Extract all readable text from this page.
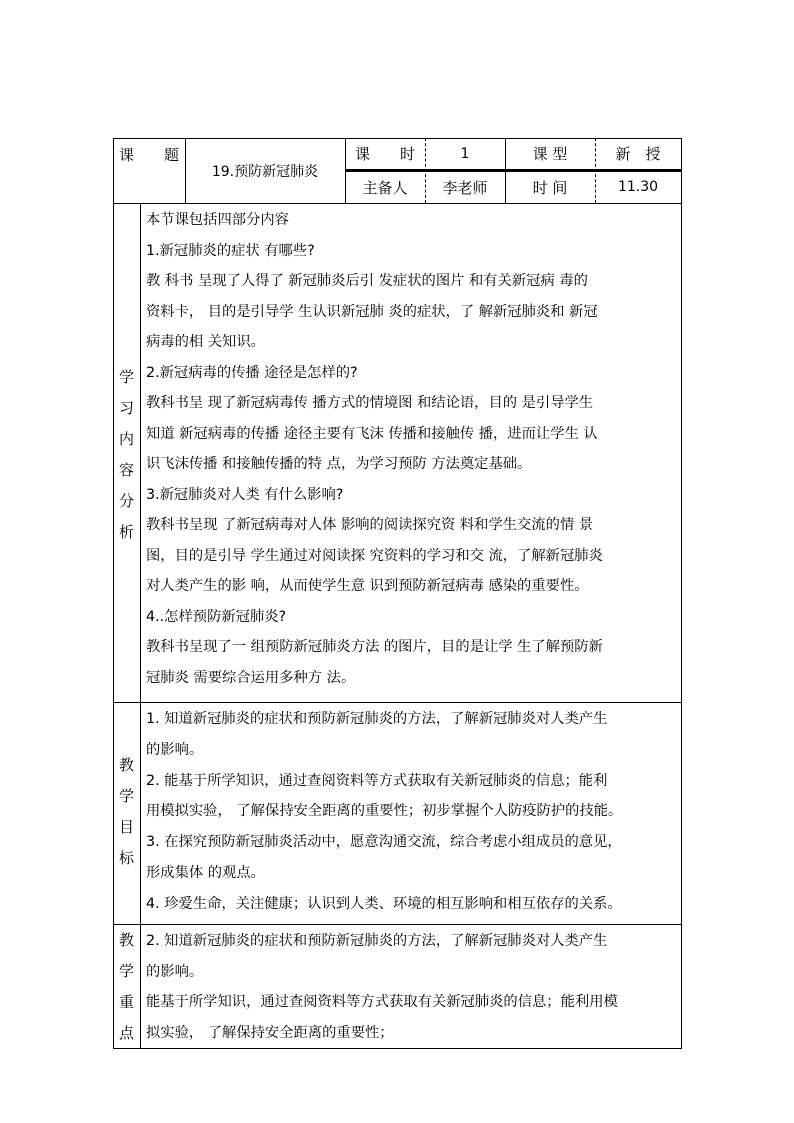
课　　题
19.预防新冠肺炎
课　　时	1	课 型	新　授
主备人	李老师	时 间	11.30
学
习
内
容
分
析

本节课包括四部分内容

1.新冠肺炎的症状 有哪些?

教 科书 呈现了人得了 新冠肺炎后引 发症状的图片 和有关新冠病 毒的

资料卡， 目的是引导学 生认识新冠肺 炎的症状，了 解新冠肺炎和 新冠

病毒的相 关知识。

2.新冠病毒的传播 途径是怎样的?

教科书呈 现了新冠病毒传 播方式的情境图 和结论语，目的 是引导学生

知道 新冠病毒的传播 途径主要有飞沫 传播和接触传 播，进而让学生 认

识飞沫传播 和接触传播的特 点，为学习预防 方法奠定基础。

3.新冠肺炎对人类 有什么影响?

教科书呈现 了新冠病毒对人体 影响的阅读探究资 料和学生交流的情 景

图，目的是引导 学生通过对阅读探 究资料的学习和交 流，了解新冠肺炎

对人类产生的影 响，从而使学生意 识到预防新冠病毒 感染的重要性。

4..怎样预防新冠肺炎?

教科书呈现了一 组预防新冠肺炎方法 的图片，目的是让学 生了解预防新

冠肺炎 需要综合运用多种方 法。

教
学
目
标

1. 知道新冠肺炎的症状和预防新冠肺炎的方法，了解新冠肺炎对人类产生

的影响。

2. 能基于所学知识，通过查阅资料等方式获取有关新冠肺炎的信息；能利

用模拟实验， 了解保持安全距离的重要性；初步掌握个人防疫防护的技能。

3. 在探究预防新冠肺炎活动中，愿意沟通交流，综合考虑小组成员的意见，

形成集体 的观点。

4. 珍爱生命，关注健康；认识到人类、环境的相互影响和相互依存的关系。

教
学
重
点

2. 知道新冠肺炎的症状和预防新冠肺炎的方法，了解新冠肺炎对人类产生

的影响。

能基于所学知识，通过查阅资料等方式获取有关新冠肺炎的信息；能利用模

拟实验， 了解保持安全距离的重要性；
